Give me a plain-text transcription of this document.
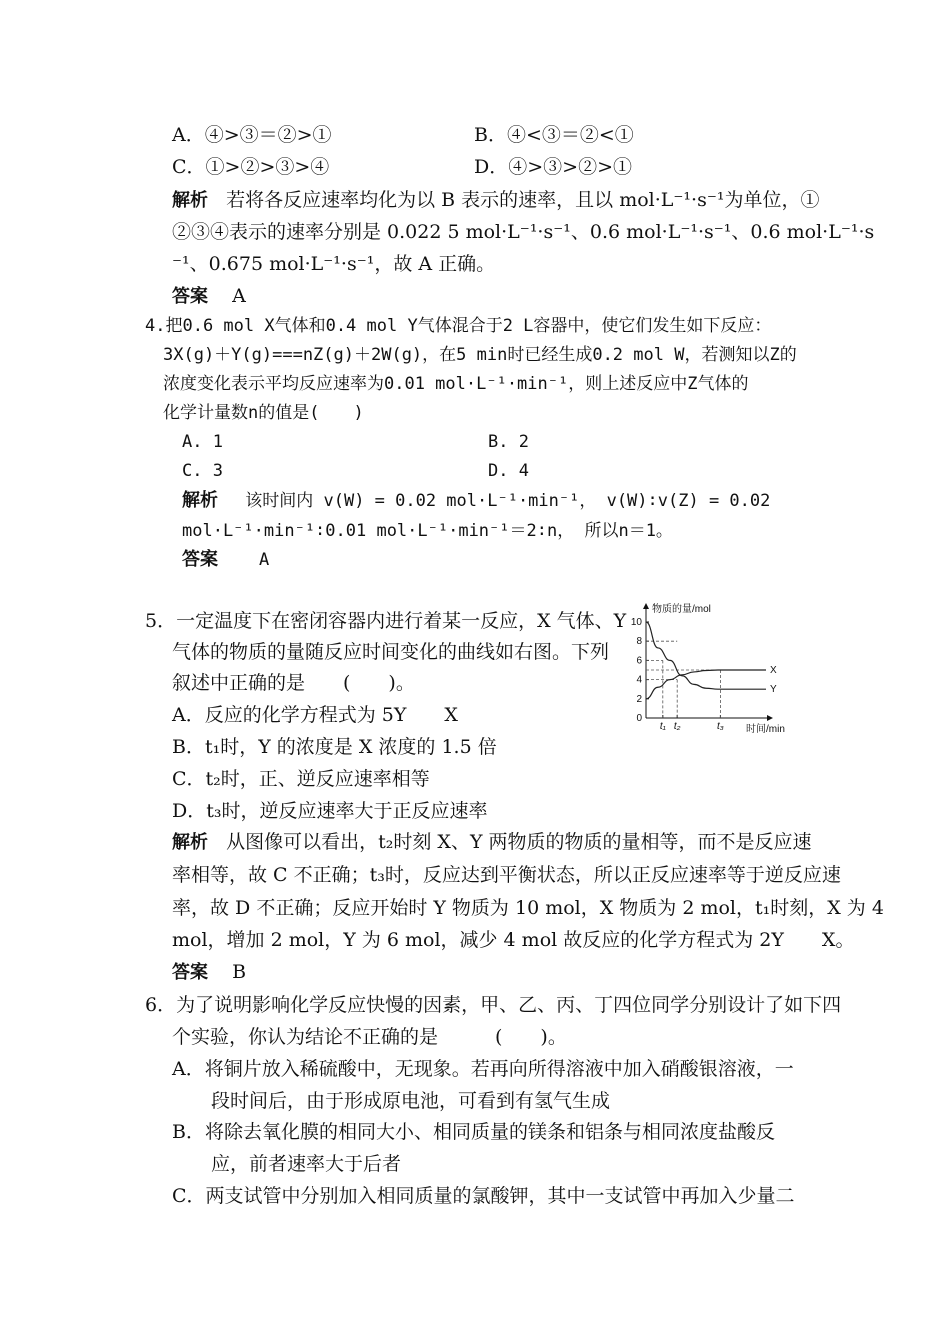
A．④>③＝②>①	B．④<③＝②<①
C．①>②>③>④	D．④>③>②>①
解析 若将各反应速率均化为以 B 表示的速率，且以 mol·L⁻¹·s⁻¹为单位，①
②③④表示的速率分别是 0.022 5 mol·L⁻¹·s⁻¹、0.6 mol·L⁻¹·s⁻¹、0.6 mol·L⁻¹·s
⁻¹、0.675 mol·L⁻¹·s⁻¹，故 A 正确。
答案 A
4.把0.6 mol X气体和0.4 mol Y气体混合于2 L容器中，使它们发生如下反应：
3X(g)＋Y(g)===nZ(g)＋2W(g)，在5 min时已经生成0.2 mol W，若测知以Z的
浓度变化表示平均反应速率为0.01 mol·L⁻¹·min⁻¹，则上述反应中Z气体的
化学计量数n的值是(　　)
A. 1	B. 2
C. 3	D. 4
解析 　该时间内 v(W) = 0.02 mol·L⁻¹·min⁻¹， v(W)∶v(Z) = 0.02
mol·L⁻¹·min⁻¹∶0.01 mol·L⁻¹·min⁻¹＝2∶n， 所以n＝1。
答案 A
5．一定温度下在密闭容器内进行着某一反应，X 气体、Y
气体的物质的量随反应时间变化的曲线如右图。下列
叙述中正确的是　　(　　)。
A．反应的化学方程式为 5Y　　X
B．t₁时，Y 的浓度是 X 浓度的 1.5 倍
C．t₂时，正、逆反应速率相等
D．t₃时，逆反应速率大于正反应速率
解析 从图像可以看出，t₂时刻 X、Y 两物质的物质的量相等，而不是反应速
率相等，故 C 不正确；t₃时，反应达到平衡状态，所以正反应速率等于逆反应速
率，故 D 不正确；反应开始时 Y 物质为 10 mol，X 物质为 2 mol，t₁时刻，X 为 4
mol，增加 2 mol，Y 为 6 mol，减少 4 mol 故反应的化学方程式为 2Y　　X。
答案 B
物质的量/mol
时间/min
0
2
4
6
8
10
t₁ t₂	t₃
X
Y
6．为了说明影响化学反应快慢的因素，甲、乙、丙、丁四位同学分别设计了如下四
个实验，你认为结论不正确的是　　　(　　)。
A．将铜片放入稀硫酸中，无现象。若再向所得溶液中加入硝酸银溶液，一
段时间后，由于形成原电池，可看到有氢气生成
B．将除去氧化膜的相同大小、相同质量的镁条和铝条与相同浓度盐酸反
应，前者速率大于后者
C．两支试管中分别加入相同质量的氯酸钾，其中一支试管中再加入少量二
